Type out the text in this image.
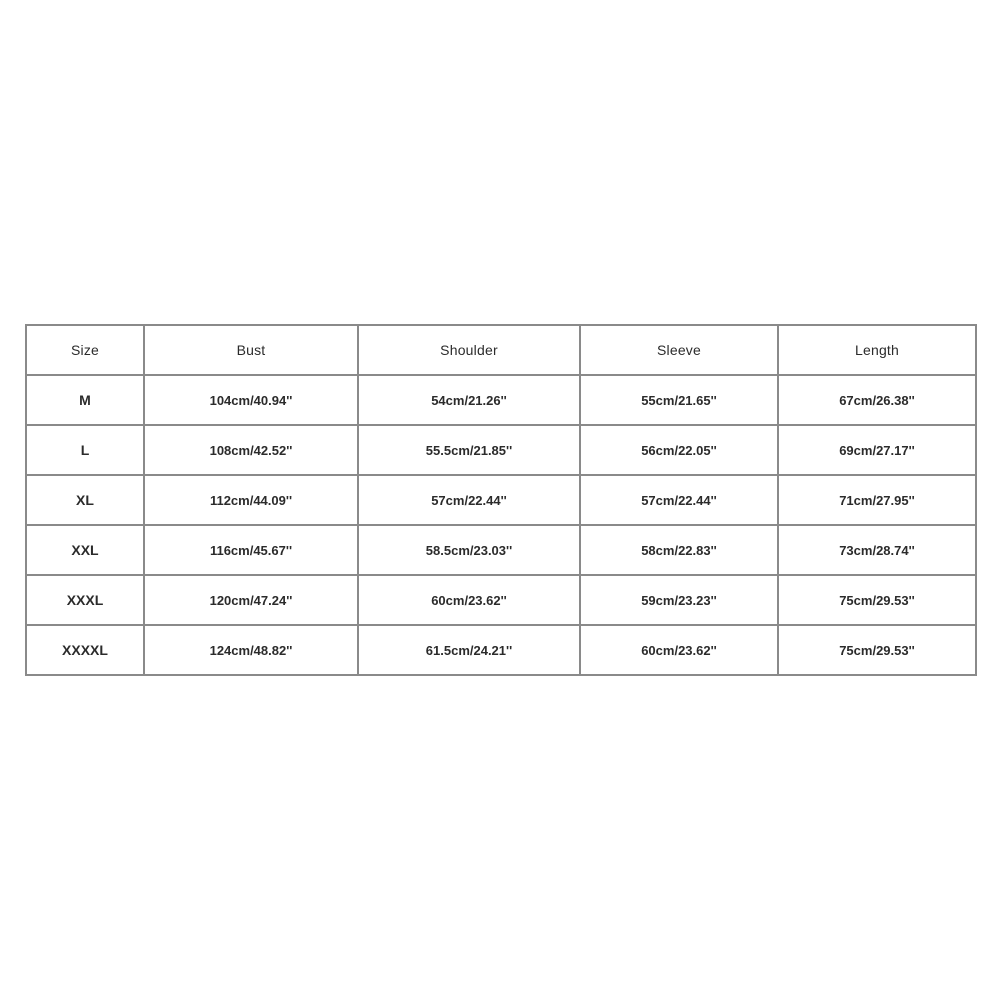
Size	Bust	Shoulder	Sleeve	Length
M	104cm/40.94''	54cm/21.26''	55cm/21.65''	67cm/26.38''
L	108cm/42.52''	55.5cm/21.85''	56cm/22.05''	69cm/27.17''
XL	112cm/44.09''	57cm/22.44''	57cm/22.44''	71cm/27.95''
XXL	116cm/45.67''	58.5cm/23.03''	58cm/22.83''	73cm/28.74''
XXXL	120cm/47.24''	60cm/23.62''	59cm/23.23''	75cm/29.53''
XXXXL	124cm/48.82''	61.5cm/24.21''	60cm/23.62''	75cm/29.53''
